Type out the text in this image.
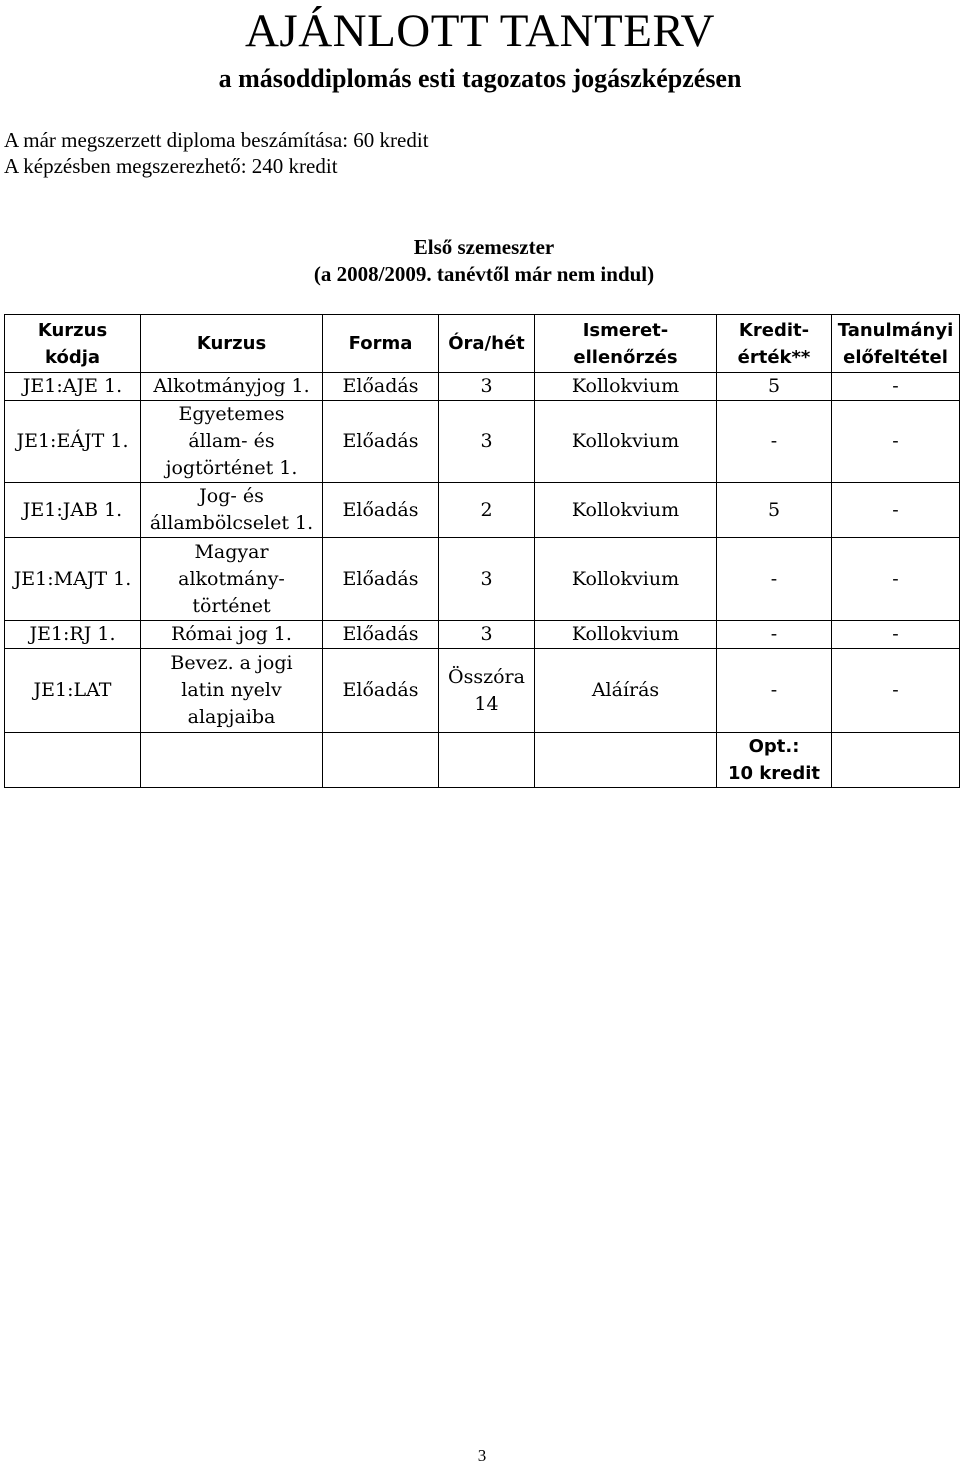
AJÁNLOTT TANTERV
a másoddiplomás esti tagozatos jogászképzésen
A már megszerzett diploma beszámítása: 60 kredit
A képzésben megszerezhető: 240 kredit
Első szemeszter
(a 2008/2009. tanévtől már nem indul)
Kurzus
kódja	Kurzus	Forma	Óra/hét	Ismeret-
ellenőrzés	Kredit-
érték**	Tanulmányi
előfeltétel
JE1:AJE 1.	Alkotmányjog 1.	Előadás	3	Kollokvium	5	-
JE1:EÁJT 1.	Egyetemes
állam- és
jogtörténet 1.	Előadás	3	Kollokvium	-	-
JE1:JAB 1.	Jog- és
állambölcselet 1.	Előadás	2	Kollokvium	5	-
JE1:MAJT 1.	Magyar
alkotmány-
történet	Előadás	3	Kollokvium	-	-
JE1:RJ 1.	Római jog 1.	Előadás	3	Kollokvium	-	-
JE1:LAT	Bevez. a jogi
latin nyelv
alapjaiba	Előadás	Összóra
14	Aláírás	-	-
					Opt.:
10 kredit	
3
